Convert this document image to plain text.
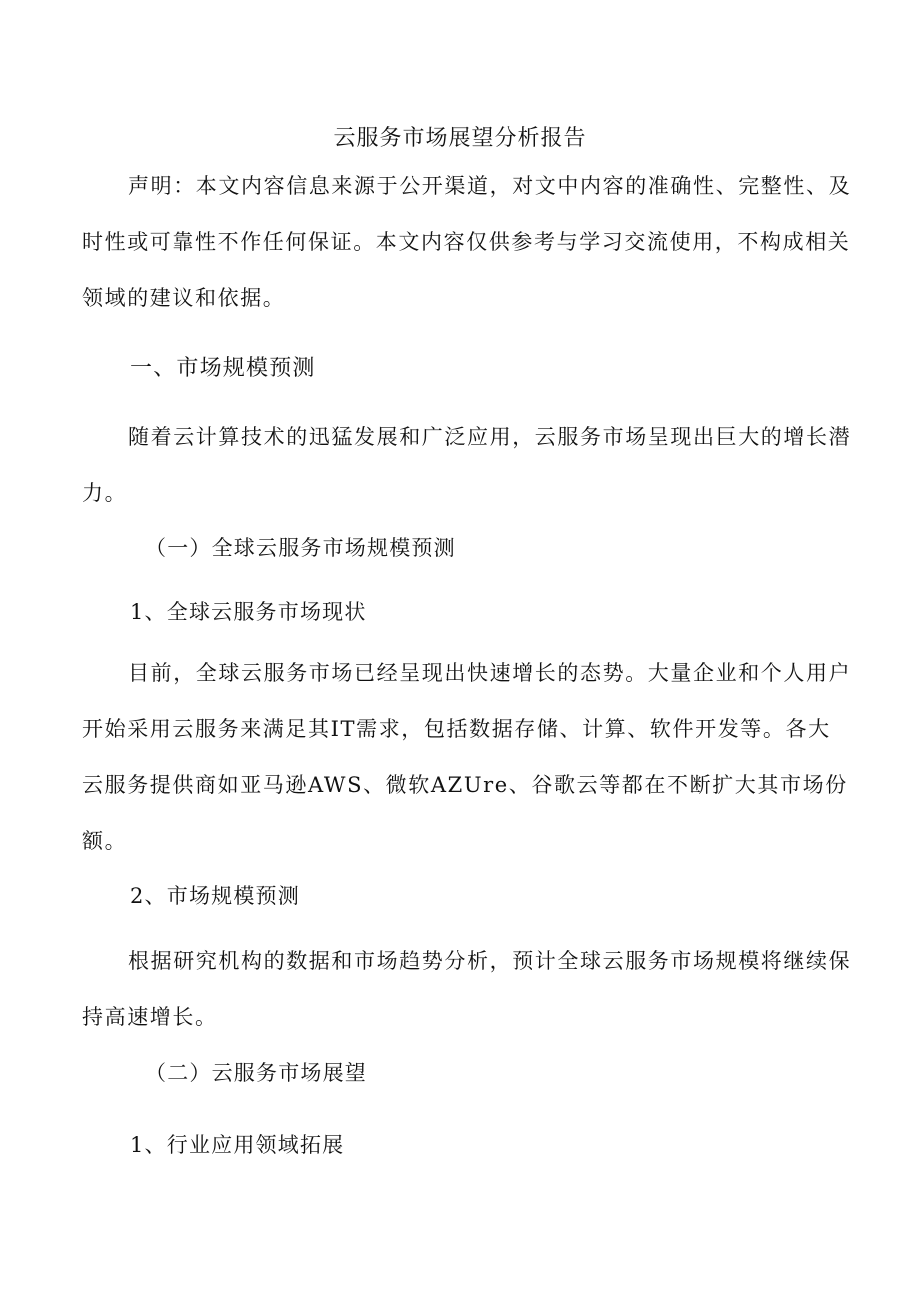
云服务市场展望分析报告
声明：本文内容信息来源于公开渠道，对文中内容的准确性、完整性、及时性或可靠性不作任何保证。本文内容仅供参考与学习交流使用，不构成相关领域的建议和依据。
一、市场规模预测
随着云计算技术的迅猛发展和广泛应用，云服务市场呈现出巨大的增长潜力。
（一）全球云服务市场规模预测
1、全球云服务市场现状
目前，全球云服务市场已经呈现出快速增长的态势。大量企业和个人用户开始采用云服务来满足其IT需求，包括数据存储、计算、软件开发等。各大云服务提供商如亚马逊AWS、微软AZUre、谷歌云等都在不断扩大其市场份额。
2、市场规模预测
根据研究机构的数据和市场趋势分析，预计全球云服务市场规模将继续保持高速增长。
（二）云服务市场展望
1、行业应用领域拓展
